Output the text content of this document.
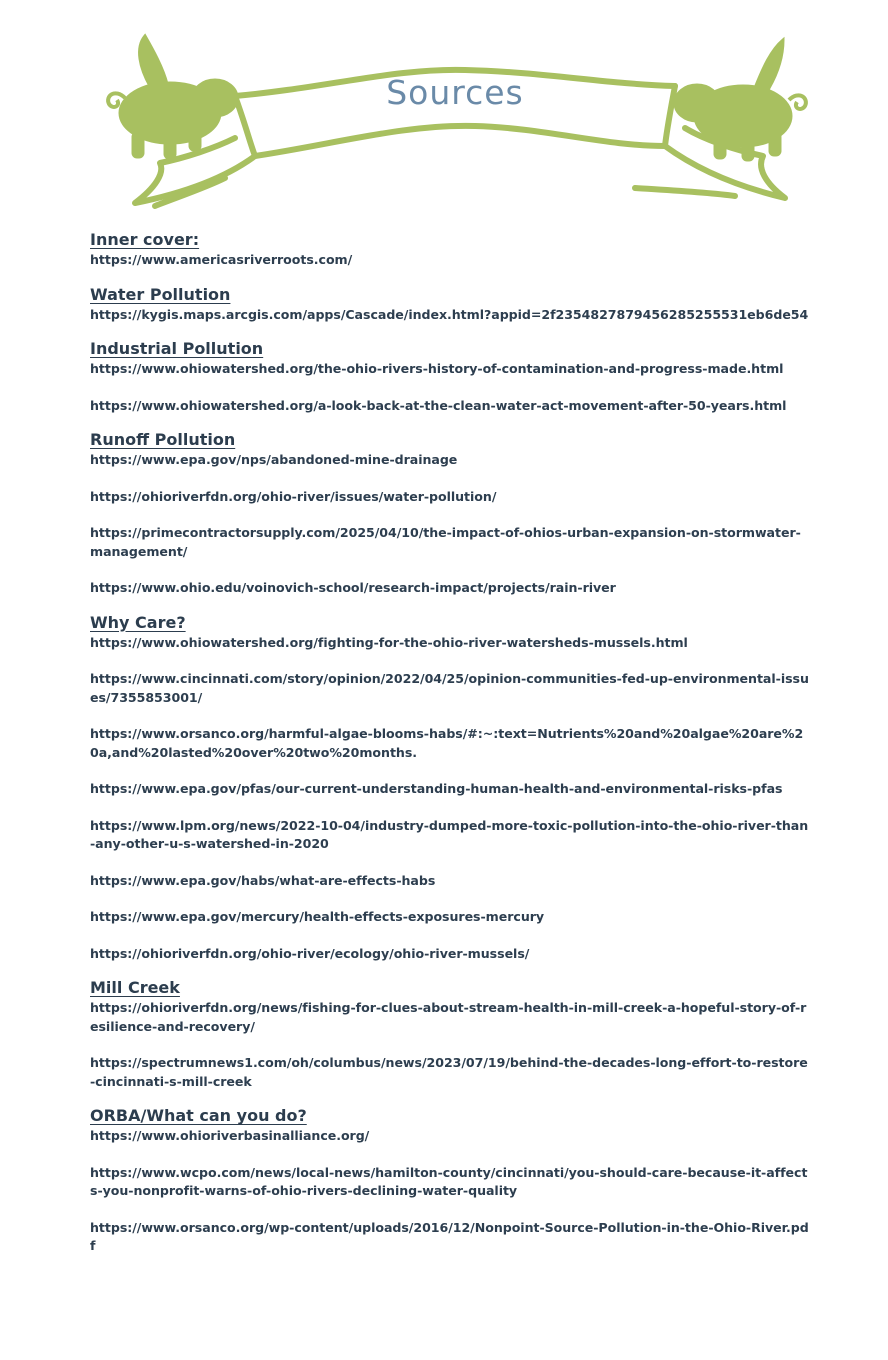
Sources
Inner cover:
https://www.americasriverroots.com/
Water Pollution
https://kygis.maps.arcgis.com/apps/Cascade/index.html?appid=2f2354827879456285255531eb6de54
Industrial Pollution
https://www.ohiowatershed.org/the-ohio-rivers-history-of-contamination-and-progress-made.html
https://www.ohiowatershed.org/a-look-back-at-the-clean-water-act-movement-after-50-years.html
Runoff Pollution
https://www.epa.gov/nps/abandoned-mine-drainage
https://ohioriverfdn.org/ohio-river/issues/water-pollution/
https://primecontractorsupply.com/2025/04/10/the-impact-of-ohios-urban-expansion-on-stormwater-management/
https://www.ohio.edu/voinovich-school/research-impact/projects/rain-river
Why Care?
https://www.ohiowatershed.org/fighting-for-the-ohio-river-watersheds-mussels.html
https://www.cincinnati.com/story/opinion/2022/04/25/opinion-communities-fed-up-environmental-issues/7355853001/
https://www.orsanco.org/harmful-algae-blooms-habs/#:~:text=Nutrients%20and%20algae%20are%20a,and%20lasted%20over%20two%20months.
https://www.epa.gov/pfas/our-current-understanding-human-health-and-environmental-risks-pfas
https://www.lpm.org/news/2022-10-04/industry-dumped-more-toxic-pollution-into-the-ohio-river-than-any-other-u-s-watershed-in-2020
https://www.epa.gov/habs/what-are-effects-habs
https://www.epa.gov/mercury/health-effects-exposures-mercury
https://ohioriverfdn.org/ohio-river/ecology/ohio-river-mussels/
Mill Creek
https://ohioriverfdn.org/news/fishing-for-clues-about-stream-health-in-mill-creek-a-hopeful-story-of-resilience-and-recovery/
https://spectrumnews1.com/oh/columbus/news/2023/07/19/behind-the-decades-long-effort-to-restore-cincinnati-s-mill-creek
ORBA/What can you do?
https://www.ohioriverbasinalliance.org/
https://www.wcpo.com/news/local-news/hamilton-county/cincinnati/you-should-care-because-it-affects-you-nonprofit-warns-of-ohio-rivers-declining-water-quality
https://www.orsanco.org/wp-content/uploads/2016/12/Nonpoint-Source-Pollution-in-the-Ohio-River.pdf
